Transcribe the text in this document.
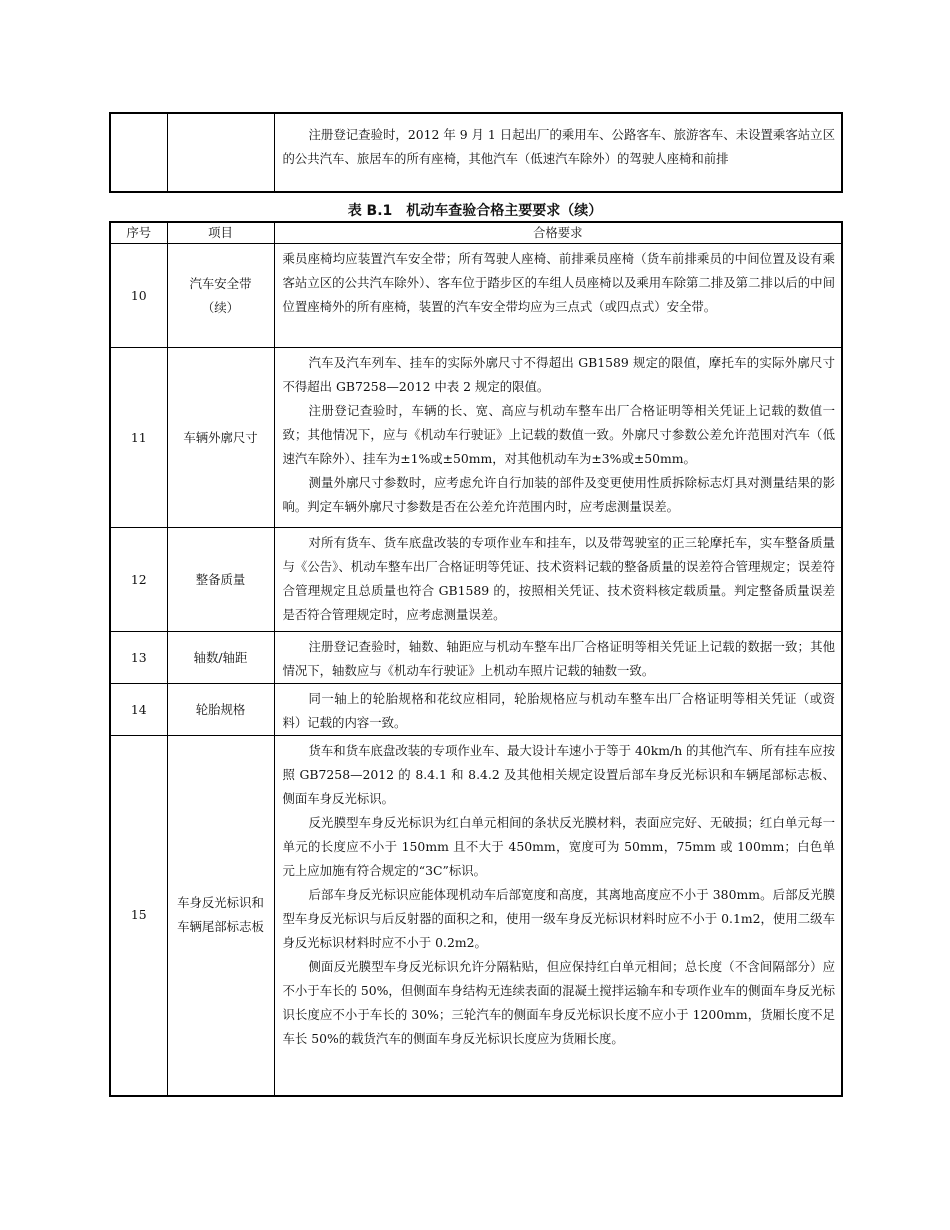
注册登记查验时，2012 年 9 月 1 日起出厂的乘用车、公路客车、旅游客车、未设置乘客站立区的公共汽车、旅居车的所有座椅，其他汽车（低速汽车除外）的驾驶人座椅和前排

表 B.1　机动车查验合格主要要求（续）
序号	项目	合格要求
10	汽车安全带（续）	乘员座椅均应装置汽车安全带；所有驾驶人座椅、前排乘员座椅（货车前排乘员的中间位置及设有乘客站立区的公共汽车除外）、客车位于踏步区的车组人员座椅以及乘用车除第二排及第二排以后的中间位置座椅外的所有座椅，装置的汽车安全带均应为三点式（或四点式）安全带。

11	车辆外廓尺寸	汽车及汽车列车、挂车的实际外廓尺寸不得超出 GB1589 规定的限值，摩托车的实际外廓尺寸不得超出 GB7258—2012 中表 2 规定的限值。

注册登记查验时，车辆的长、宽、高应与机动车整车出厂合格证明等相关凭证上记载的数值一致；其他情况下，应与《机动车行驶证》上记载的数值一致。外廓尺寸参数公差允许范围对汽车（低速汽车除外）、挂车为±1%或±50mm，对其他机动车为±3%或±50mm。

测量外廓尺寸参数时，应考虑允许自行加装的部件及变更使用性质拆除标志灯具对测量结果的影响。判定车辆外廓尺寸参数是否在公差允许范围内时，应考虑测量误差。

12	整备质量	对所有货车、货车底盘改装的专项作业车和挂车，以及带驾驶室的正三轮摩托车，实车整备质量与《公告》、机动车整车出厂合格证明等凭证、技术资料记载的整备质量的误差符合管理规定；误差符合管理规定且总质量也符合 GB1589 的，按照相关凭证、技术资料核定载质量。判定整备质量误差是否符合管理规定时，应考虑测量误差。

13	轴数/轴距	注册登记查验时，轴数、轴距应与机动车整车出厂合格证明等相关凭证上记载的数据一致；其他情况下，轴数应与《机动车行驶证》上机动车照片记载的轴数一致。

14	轮胎规格	同一轴上的轮胎规格和花纹应相同，轮胎规格应与机动车整车出厂合格证明等相关凭证（或资料）记载的内容一致。

15	车身反光标识和车辆尾部标志板	货车和货车底盘改装的专项作业车、最大设计车速小于等于 40km/h 的其他汽车、所有挂车应按照 GB7258—2012 的 8.4.1 和 8.4.2 及其他相关规定设置后部车身反光标识和车辆尾部标志板、侧面车身反光标识。

反光膜型车身反光标识为红白单元相间的条状反光膜材料，表面应完好、无破损；红白单元每一单元的长度应不小于 150mm 且不大于 450mm，宽度可为 50mm，75mm 或 100mm；白色单元上应加施有符合规定的“3C”标识。

后部车身反光标识应能体现机动车后部宽度和高度，其离地高度应不小于 380mm。后部反光膜型车身反光标识与后反射器的面积之和，使用一级车身反光标识材料时应不小于 0.1m2，使用二级车身反光标识材料时应不小于 0.2m2。

侧面反光膜型车身反光标识允许分隔粘贴，但应保持红白单元相间；总长度（不含间隔部分）应不小于车长的 50%，但侧面车身结构无连续表面的混凝土搅拌运输车和专项作业车的侧面车身反光标识长度应不小于车长的 30%；三轮汽车的侧面车身反光标识长度不应小于 1200mm，货厢长度不足车长 50%的载货汽车的侧面车身反光标识长度应为货厢长度。
